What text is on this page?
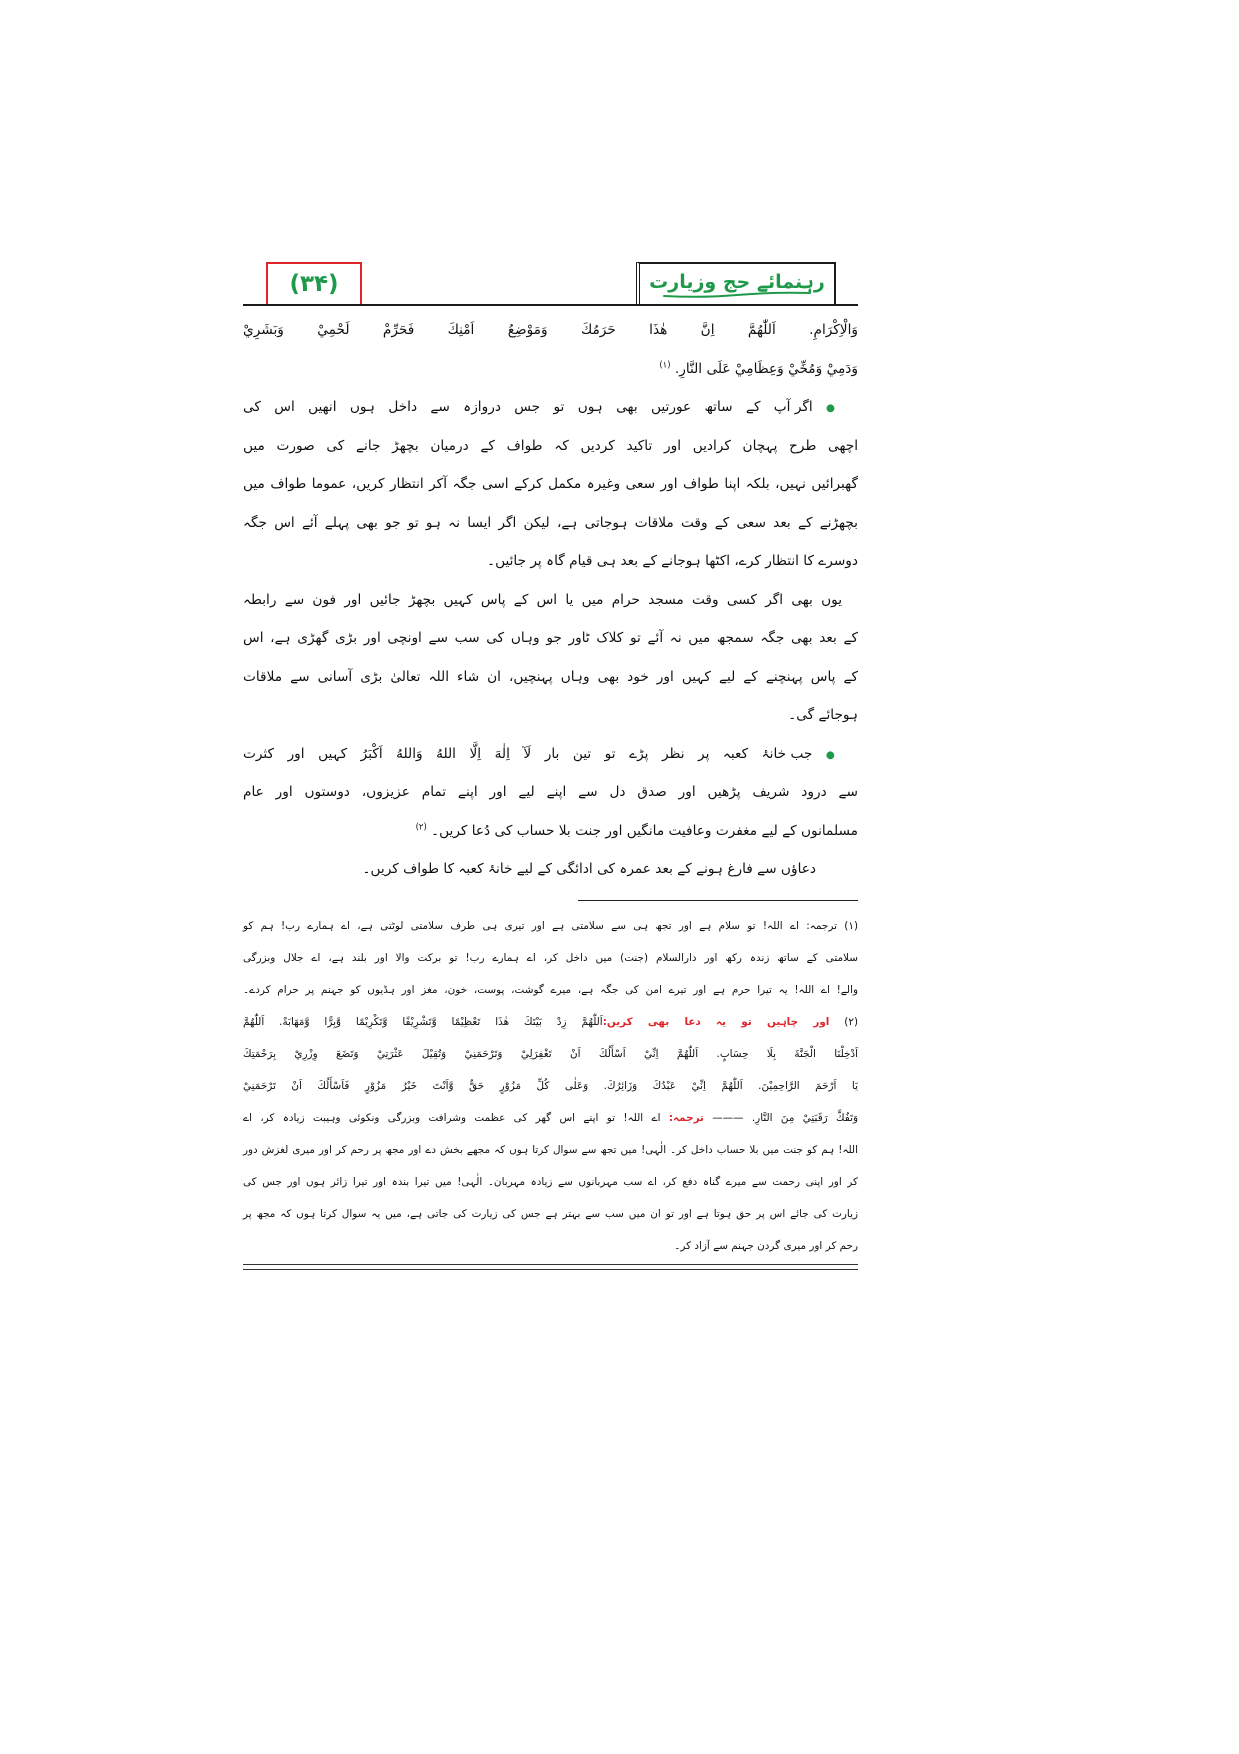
(۳۴)	رہنمائے حج وزیارت
وَالْاِكْرَامِ. اَللّٰهُمَّ اِنَّ هٰذَا حَرَمُكَ وَمَوْضِعُ اَمْنِكَ فَحَرِّمْ لَحْمِيْ وَبَشَرِيْ
وَدَمِيْ وَمُخِّيْ وَعِظَامِيْ عَلَى النَّارِ. $^{(۱)}$
● اگر آپ کے ساتھ عورتیں بھی ہوں تو جس دروازہ سے داخل ہوں انھیں اس کی
اچھی طرح پہچان کرادیں اور تاکید کردیں کہ طواف کے درمیان بچھڑ جانے کی صورت میں
گھبرائیں نہیں، بلکہ اپنا طواف اور سعی وغیرہ مکمل کرکے اسی جگہ آکر انتظار کریں، عموما طواف میں
بچھڑنے کے بعد سعی کے وقت ملاقات ہوجاتی ہے، لیکن اگر ایسا نہ ہو تو جو بھی پہلے آئے اس جگہ
دوسرے کا انتظار کرے، اکٹھا ہوجانے کے بعد ہی قیام گاہ پر جائیں۔
یوں بھی اگر کسی وقت مسجد حرام میں یا اس کے پاس کہیں بچھڑ جائیں اور فون سے رابطہ
کے بعد بھی جگہ سمجھ میں نہ آئے تو کلاک ٹاور جو وہاں کی سب سے اونچی اور بڑی گھڑی ہے، اس
کے پاس پہنچنے کے لیے کہیں اور خود بھی وہاں پہنچیں، ان شاء اللہ تعالیٰ بڑی آسانی سے ملاقات
ہوجائے گی۔
● جب خانۂ کعبہ پر نظر پڑے تو تین بار لَآ اِلٰهَ اِلَّا اللهُ وَاللهُ اَكْبَرُ کہیں اور کثرت
سے درود شریف پڑھیں اور صدق دل سے اپنے لیے اور اپنے تمام عزیزوں، دوستوں اور عام
مسلمانوں کے لیے مغفرت وعافیت مانگیں اور جنت بلا حساب کی دُعا کریں۔ $^{(۲)}$
دعاؤں سے فارغ ہونے کے بعد عمرہ کی ادائگی کے لیے خانۂ کعبہ کا طواف کریں۔
(۱) ترجمہ: اے اللہ! تو سلام ہے اور تجھ ہی سے سلامتی ہے اور تیری ہی طرف سلامتی لوٹتی ہے، اے ہمارے رب! ہم کو
سلامتی کے ساتھ زندہ رکھ اور دارالسلام (جنت) میں داخل کر، اے ہمارے رب! تو برکت والا اور بلند ہے، اے جلال وبزرگی
والے! اے اللہ! یہ تیرا حرم ہے اور تیرے امن کی جگہ ہے، میرے گوشت، پوست، خون، مغز اور ہڈیوں کو جہنم پر حرام کردے۔
(۲) اور چاہیں تو یہ دعا بھی کریں:اَللّٰهُمَّ زِدْ بَيْتَكَ هٰذَا تَعْظِيْمًا وَّتَشْرِيْفًا وَّتَكْرِيْمًا وَّبِرًّا وَّمَهَابَةً. اَللّٰهُمَّ
اَدْخِلْنَا الْجَنَّةَ بِلَا حِسَابٍ. اَللّٰهُمَّ اِنِّيْ اَسْأَلُكَ اَنْ تَغْفِرَلِيْ وَتَرْحَمَنِيْ وَتُقِيْلَ عَثْرَتِيْ وَتَضَعَ وِزْرِيْ بِرَحْمَتِكَ
يَا اَرْحَمَ الرَّاحِمِيْنَ. اَللّٰهُمَّ اِنِّيْ عَبْدُكَ وَزَائِرُكَ. وَعَلٰى كُلِّ مَزُوْرٍ حَقٌّ وَّاَنْتَ خَيْرُ مَزُوْرٍ فَاَسْأَلُكَ اَنْ تَرْحَمَنِيْ
وَتَفُكَّ رَقَبَتِيْ مِنَ النَّارِ. ——— ترجمہ: اے اللہ! تو اپنے اس گھر کی عظمت وشرافت وبزرگی ونکوئی وہیبت زیادہ کر، اے
اللہ! ہم کو جنت میں بلا حساب داخل کر۔ الٰہی! میں تجھ سے سوال کرتا ہوں کہ مجھے بخش دے اور مجھ پر رحم کر اور میری لغزش دور
کر اور اپنی رحمت سے میرے گناہ دفع کر، اے سب مہربانوں سے زیادہ مہربان۔ الٰہی! میں تیرا بندہ اور تیرا زائر ہوں اور جس کی
زیارت کی جائے اس پر حق ہوتا ہے اور تو ان میں سب سے بہتر ہے جس کی زیارت کی جاتی ہے، میں یہ سوال کرتا ہوں کہ مجھ پر
رحم کر اور میری گردن جہنم سے آزاد کر۔
